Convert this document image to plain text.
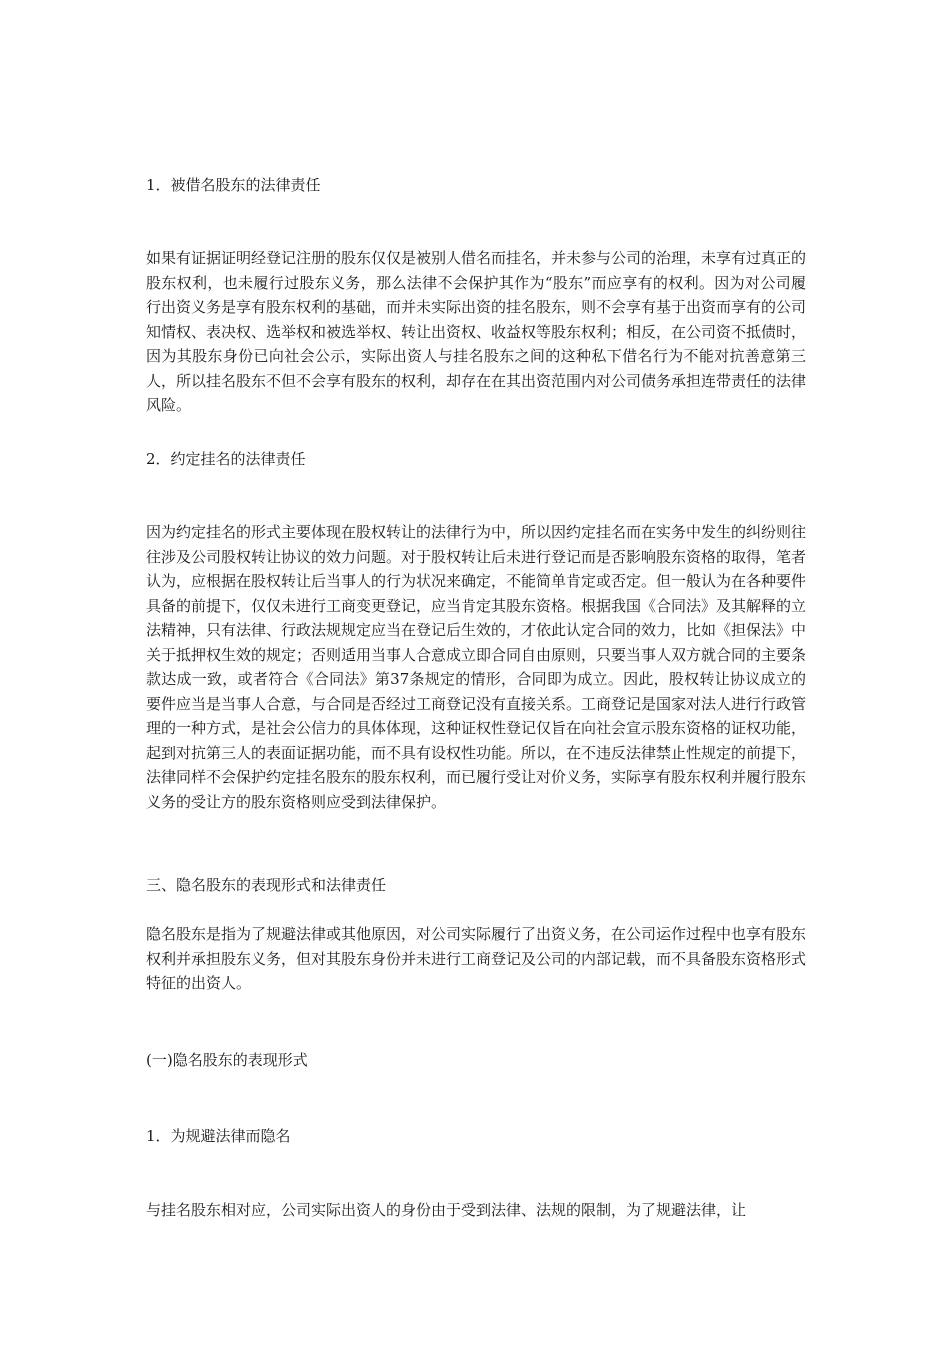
1．被借名股东的法律责任

如果有证据证明经登记注册的股东仅仅是被别人借名而挂名，并未参与公司的治理，未享有过真正的股东权利，也未履行过股东义务，那么法律不会保护其作为“股东”而应享有的权利。因为对公司履行出资义务是享有股东权利的基础，而并未实际出资的挂名股东，则不会享有基于出资而享有的公司知情权、表决权、选举权和被选举权、转让出资权、收益权等股东权利；相反，在公司资不抵债时，因为其股东身份已向社会公示，实际出资人与挂名股东之间的这种私下借名行为不能对抗善意第三人，所以挂名股东不但不会享有股东的权利，却存在在其出资范围内对公司债务承担连带责任的法律风险。

2．约定挂名的法律责任

因为约定挂名的形式主要体现在股权转让的法律行为中，所以因约定挂名而在实务中发生的纠纷则往往涉及公司股权转让协议的效力问题。对于股权转让后未进行登记而是否影响股东资格的取得，笔者认为，应根据在股权转让后当事人的行为状况来确定，不能简单肯定或否定。但一般认为在各种要件具备的前提下，仅仅未进行工商变更登记，应当肯定其股东资格。根据我国《合同法》及其解释的立法精神，只有法律、行政法规规定应当在登记后生效的，才依此认定合同的效力，比如《担保法》中关于抵押权生效的规定；否则适用当事人合意成立即合同自由原则，只要当事人双方就合同的主要条款达成一致，或者符合《合同法》第37条规定的情形，合同即为成立。因此，股权转让协议成立的要件应当是当事人合意，与合同是否经过工商登记没有直接关系。工商登记是国家对法人进行行政管理的一种方式，是社会公信力的具体体现，这种证权性登记仅旨在向社会宣示股东资格的证权功能，起到对抗第三人的表面证据功能，而不具有设权性功能。所以，在不违反法律禁止性规定的前提下，法律同样不会保护约定挂名股东的股东权利，而已履行受让对价义务，实际享有股东权利并履行股东义务的受让方的股东资格则应受到法律保护。

三、隐名股东的表现形式和法律责任

隐名股东是指为了规避法律或其他原因，对公司实际履行了出资义务，在公司运作过程中也享有股东权利并承担股东义务，但对其股东身份并未进行工商登记及公司的内部记载，而不具备股东资格形式特征的出资人。

(一)隐名股东的表现形式

1．为规避法律而隐名

与挂名股东相对应，公司实际出资人的身份由于受到法律、法规的限制，为了规避法律，让
